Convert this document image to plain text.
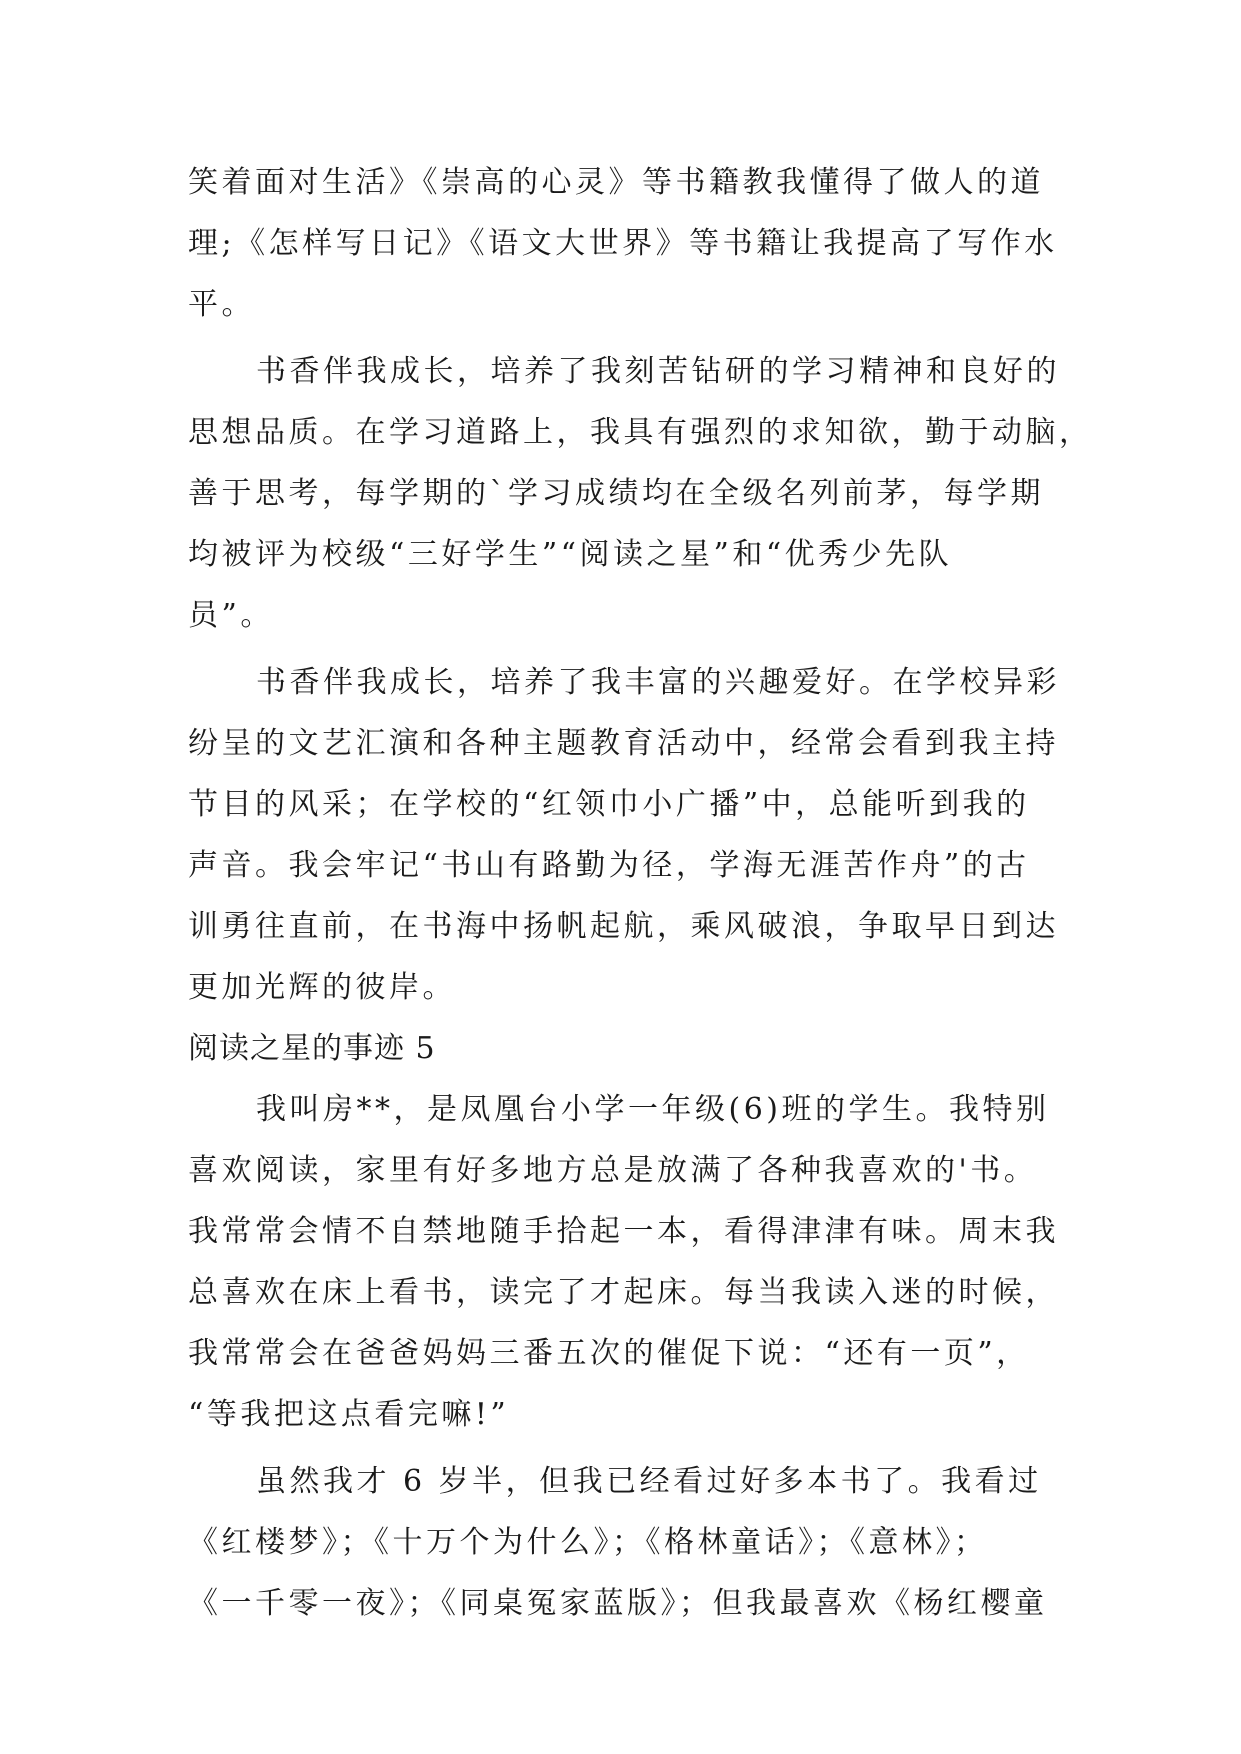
笑着面对生活》《崇高的心灵》等书籍教我懂得了做人的道
理;《怎样写日记》《语文大世界》等书籍让我提高了写作水
平。
书香伴我成长，培养了我刻苦钻研的学习精神和良好的
思想品质。在学习道路上，我具有强烈的求知欲，勤于动脑，
善于思考，每学期的`学习成绩均在全级名列前茅，每学期
均被评为校级“三好学生”“阅读之星”和“优秀少先队
员”。
书香伴我成长，培养了我丰富的兴趣爱好。在学校异彩
纷呈的文艺汇演和各种主题教育活动中，经常会看到我主持
节目的风采；在学校的“红领巾小广播”中，总能听到我的
声音。我会牢记“书山有路勤为径，学海无涯苦作舟”的古
训勇往直前，在书海中扬帆起航，乘风破浪，争取早日到达
更加光辉的彼岸。
阅读之星的事迹 5
我叫房**，是凤凰台小学一年级(6)班的学生。我特别
喜欢阅读，家里有好多地方总是放满了各种我喜欢的'书。
我常常会情不自禁地随手拾起一本，看得津津有味。周末我
总喜欢在床上看书，读完了才起床。每当我读入迷的时候，
我常常会在爸爸妈妈三番五次的催促下说：“还有一页”，
“等我把这点看完嘛!”
虽然我才 6 岁半，但我已经看过好多本书了。我看过
《红楼梦》；《十万个为什么》；《格林童话》；《意林》；
《一千零一夜》；《同桌冤家蓝版》；但我最喜欢《杨红樱童
